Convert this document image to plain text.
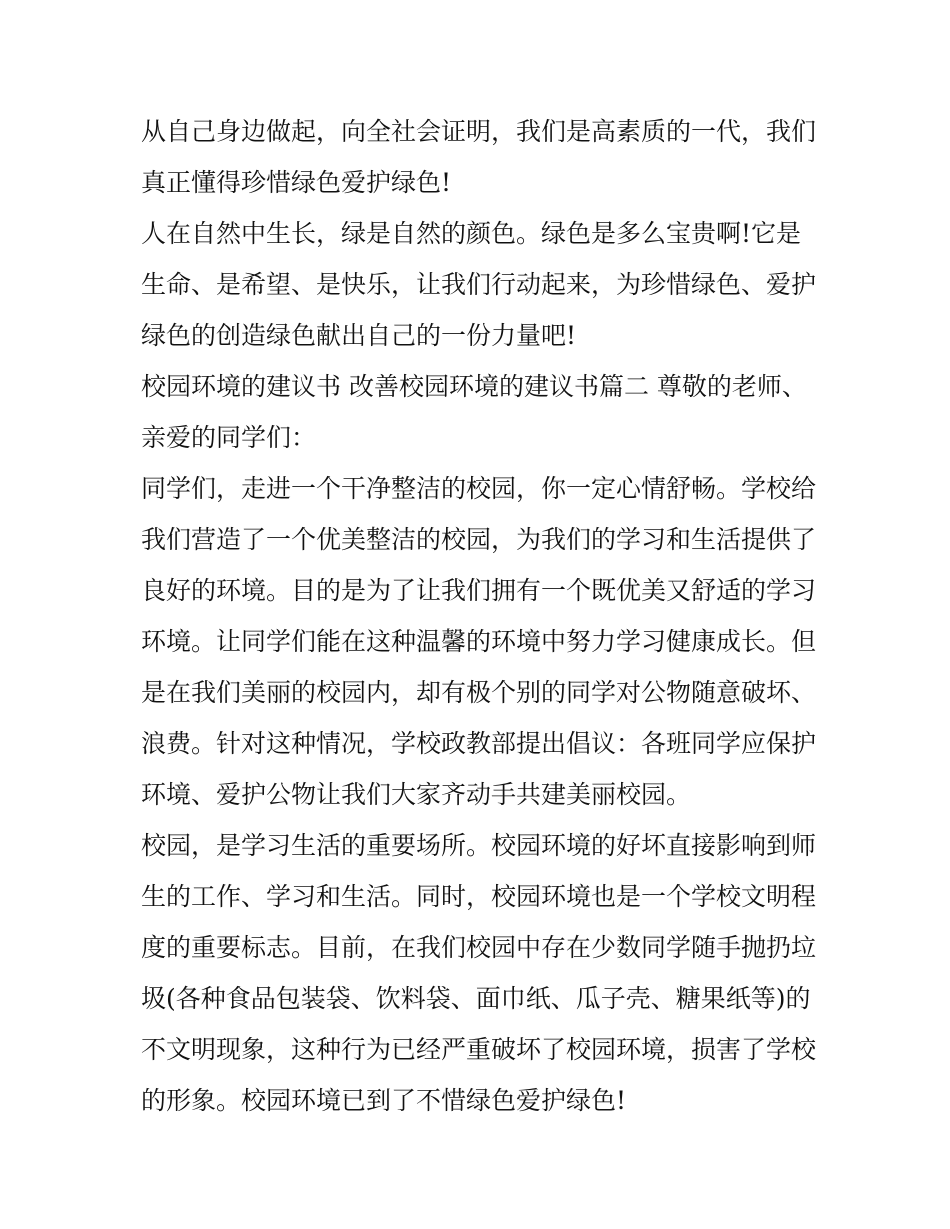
从自己身边做起，向全社会证明，我们是高素质的一代，我们
真正懂得珍惜绿色爱护绿色!
人在自然中生长，绿是自然的颜色。绿色是多么宝贵啊!它是
生命、是希望、是快乐，让我们行动起来，为珍惜绿色、爱护
绿色的创造绿色献出自己的一份力量吧!
校园环境的建议书 改善校园环境的建议书篇二 尊敬的老师、
亲爱的同学们：
同学们，走进一个干净整洁的校园，你一定心情舒畅。学校给
我们营造了一个优美整洁的校园，为我们的学习和生活提供了
良好的环境。目的是为了让我们拥有一个既优美又舒适的学习
环境。让同学们能在这种温馨的环境中努力学习健康成长。但
是在我们美丽的校园内，却有极个别的同学对公物随意破坏、
浪费。针对这种情况，学校政教部提出倡议：各班同学应保护
环境、爱护公物让我们大家齐动手共建美丽校园。
校园，是学习生活的重要场所。校园环境的好坏直接影响到师
生的工作、学习和生活。同时，校园环境也是一个学校文明程
度的重要标志。目前，在我们校园中存在少数同学随手抛扔垃
圾(各种食品包装袋、饮料袋、面巾纸、瓜子壳、糖果纸等)的
不文明现象，这种行为已经严重破坏了校园环境，损害了学校
的形象。校园环境已到了不惜绿色爱护绿色!
